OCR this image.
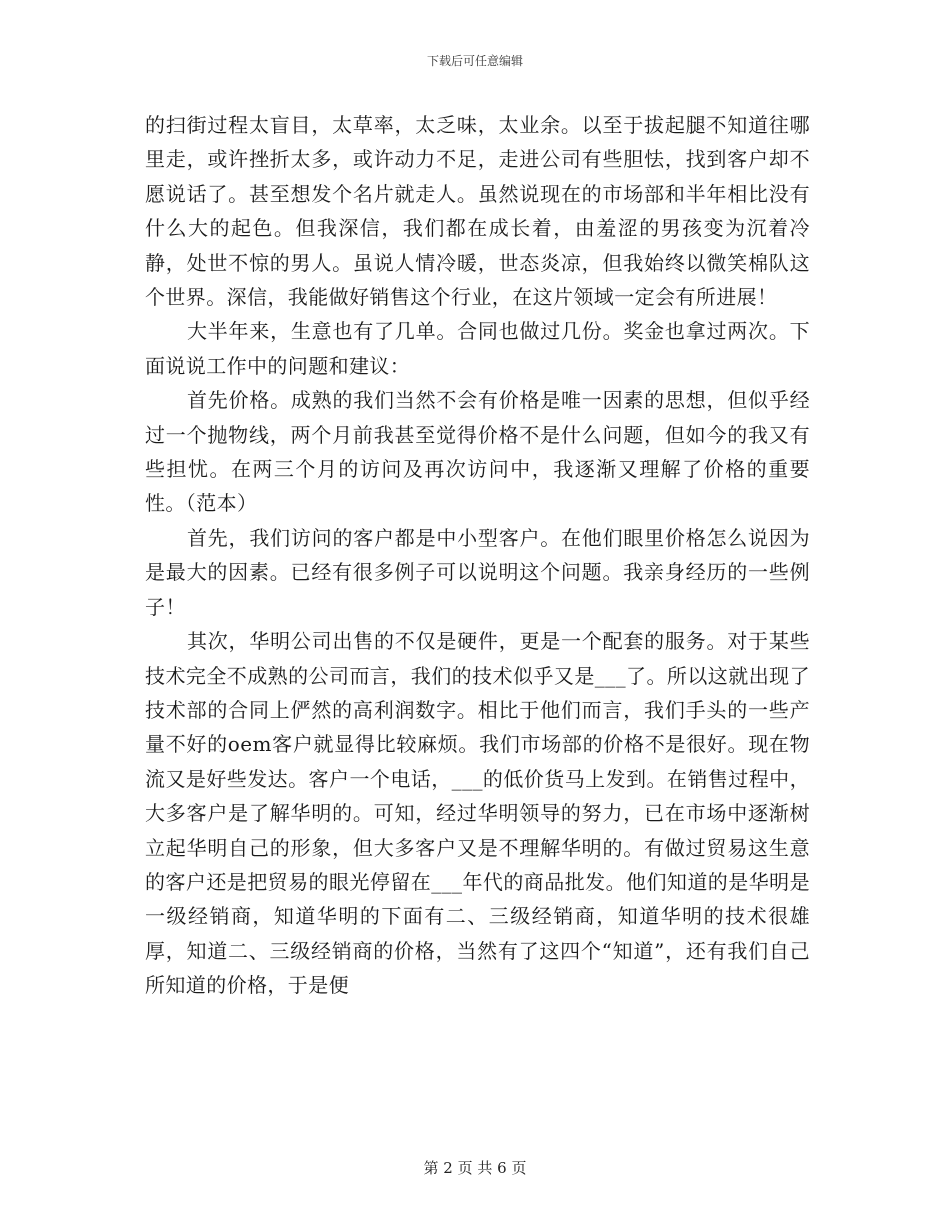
下载后可任意编辑

的扫街过程太盲目，太草率，太乏味，太业余。以至于拔起腿不知道往哪里走，或许挫折太多，或许动力不足，走进公司有些胆怯，找到客户却不愿说话了。甚至想发个名片就走人。虽然说现在的市场部和半年相比没有什么大的起色。但我深信，我们都在成长着，由羞涩的男孩变为沉着冷静，处世不惊的男人。虽说人情冷暖，世态炎凉，但我始终以微笑棉队这个世界。深信，我能做好销售这个行业，在这片领域一定会有所进展！

大半年来，生意也有了几单。合同也做过几份。奖金也拿过两次。下面说说工作中的问题和建议：

首先价格。成熟的我们当然不会有价格是唯一因素的思想，但似乎经过一个抛物线，两个月前我甚至觉得价格不是什么问题，但如今的我又有些担忧。在两三个月的访问及再次访问中，我逐渐又理解了价格的重要性。（范本）

首先，我们访问的客户都是中小型客户。在他们眼里价格怎么说因为是最大的因素。已经有很多例子可以说明这个问题。我亲身经历的一些例子！

其次，华明公司出售的不仅是硬件，更是一个配套的服务。对于某些技术完全不成熟的公司而言，我们的技术似乎又是___了。所以这就出现了技术部的合同上俨然的高利润数字。相比于他们而言，我们手头的一些产量不好的oem客户就显得比较麻烦。我们市场部的价格不是很好。现在物流又是好些发达。客户一个电话，___的低价货马上发到。在销售过程中，大多客户是了解华明的。可知，经过华明领导的努力，已在市场中逐渐树立起华明自己的形象，但大多客户又是不理解华明的。有做过贸易这生意的客户还是把贸易的眼光停留在___年代的商品批发。他们知道的是华明是一级经销商，知道华明的下面有二、三级经销商，知道华明的技术很雄厚，知道二、三级经销商的价格，当然有了这四个“知道”，还有我们自己所知道的价格，于是便

第 2 页 共 6 页
